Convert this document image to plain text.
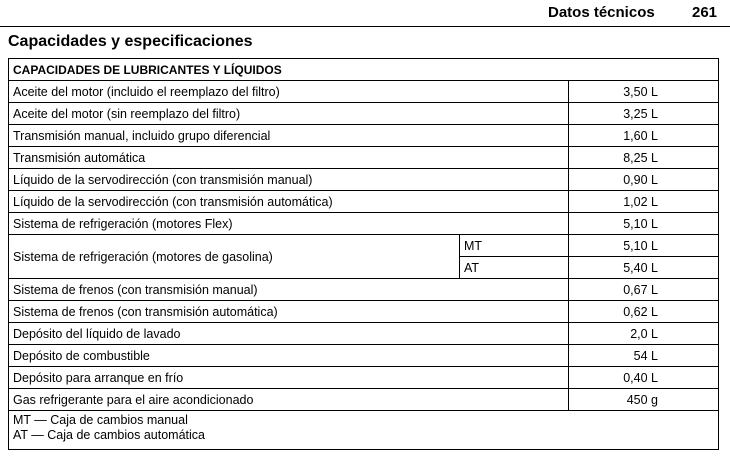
Datos técnicos 261
Capacidades y especificaciones
CAPACIDADES DE LUBRICANTES Y LÍQUIDOS		
Aceite del motor (incluido el reemplazo del filtro)		3,50 L
Aceite del motor (sin reemplazo del filtro)		3,25 L
Transmisión manual, incluido grupo diferencial		1,60 L
Transmisión automática		8,25 L
Líquido de la servodirección (con transmisión manual)		0,90 L
Líquido de la servodirección (con transmisión automática)		1,02 L
Sistema de refrigeración (motores Flex)		5,10 L
Sistema de refrigeración (motores de gasolina)	MT	5,10 L
	AT	5,40 L
Sistema de frenos (con transmisión manual)		0,67 L
Sistema de frenos (con transmisión automática)		0,62 L
Depósito del líquido de lavado		2,0 L
Depósito de combustible		54 L
Depósito para arranque en frío		0,40 L
Gas refrigerante para el aire acondicionado		450 g

MT — Caja de cambios manual
AT — Caja de cambios automática		
